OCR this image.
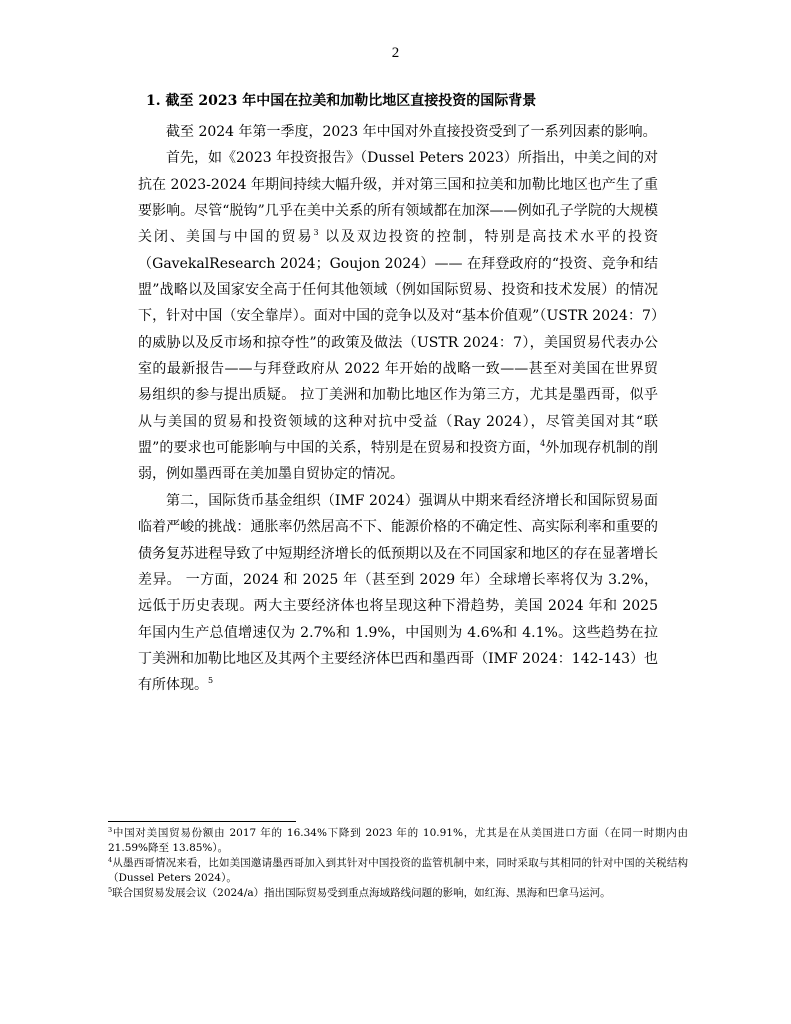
2
1. 截至 2023 年中国在拉美和加勒比地区直接投资的国际背景

截至 2024 年第一季度，2023 年中国对外直接投资受到了一系列因素的影响。

首先，如《2023 年投资报告》（Dussel Peters 2023）所指出，中美之间的对抗在 2023-2024 年期间持续大幅升级，并对第三国和拉美和加勒比地区也产生了重要影响。尽管“脱钩”几乎在美中关系的所有领域都在加深——例如孔子学院的大规模关闭、美国与中国的贸易$^3$ 以及双边投资的控制，特别是高技术水平的投资（GavekalResearch 2024；Goujon 2024）—— 在拜登政府的“投资、竞争和结盟”战略以及国家安全高于任何其他领域（例如国际贸易、投资和技术发展）的情况下，针对中国（安全靠岸）。面对中国的竞争以及对“基本价值观”（USTR 2024：7）的威胁以及反市场和掠夺性”的政策及做法（USTR 2024：7），美国贸易代表办公室的最新报告——与拜登政府从 2022 年开始的战略一致——甚至对美国在世界贸易组织的参与提出质疑。 拉丁美洲和加勒比地区作为第三方，尤其是墨西哥，似乎从与美国的贸易和投资领域的这种对抗中受益（Ray 2024），尽管美国对其“联盟”的要求也可能影响与中国的关系，特别是在贸易和投资方面，$^4$外加现存机制的削弱，例如墨西哥在美加墨自贸协定的情况。

第二，国际货币基金组织（IMF 2024）强调从中期来看经济增长和国际贸易面临着严峻的挑战：通胀率仍然居高不下、能源价格的不确定性、高实际利率和重要的债务复苏进程导致了中短期经济增长的低预期以及在不同国家和地区的存在显著增长差异。 一方面，2024 和 2025 年（甚至到 2029 年）全球增长率将仅为 3.2%，远低于历史表现。两大主要经济体也将呈现这种下滑趋势，美国 2024 年和 2025 年国内生产总值增速仅为 2.7%和 1.9%，中国则为 4.6%和 4.1%。这些趋势在拉丁美洲和加勒比地区及其两个主要经济体巴西和墨西哥（IMF 2024：142-143）也有所体现。$^5$

$^3$中国对美国贸易份额由 2017 年的 16.34%下降到 2023 年的 10.91%，尤其是在从美国进口方面（在同一时期内由 21.59%降至 13.85%）。

$^4$从墨西哥情况来看，比如美国邀请墨西哥加入到其针对中国投资的监管机制中来，同时采取与其相同的针对中国的关税结构（Dussel Peters 2024）。

$^5$联合国贸易发展会议（2024/a）指出国际贸易受到重点海域路线问题的影响，如红海、黑海和巴拿马运河。
